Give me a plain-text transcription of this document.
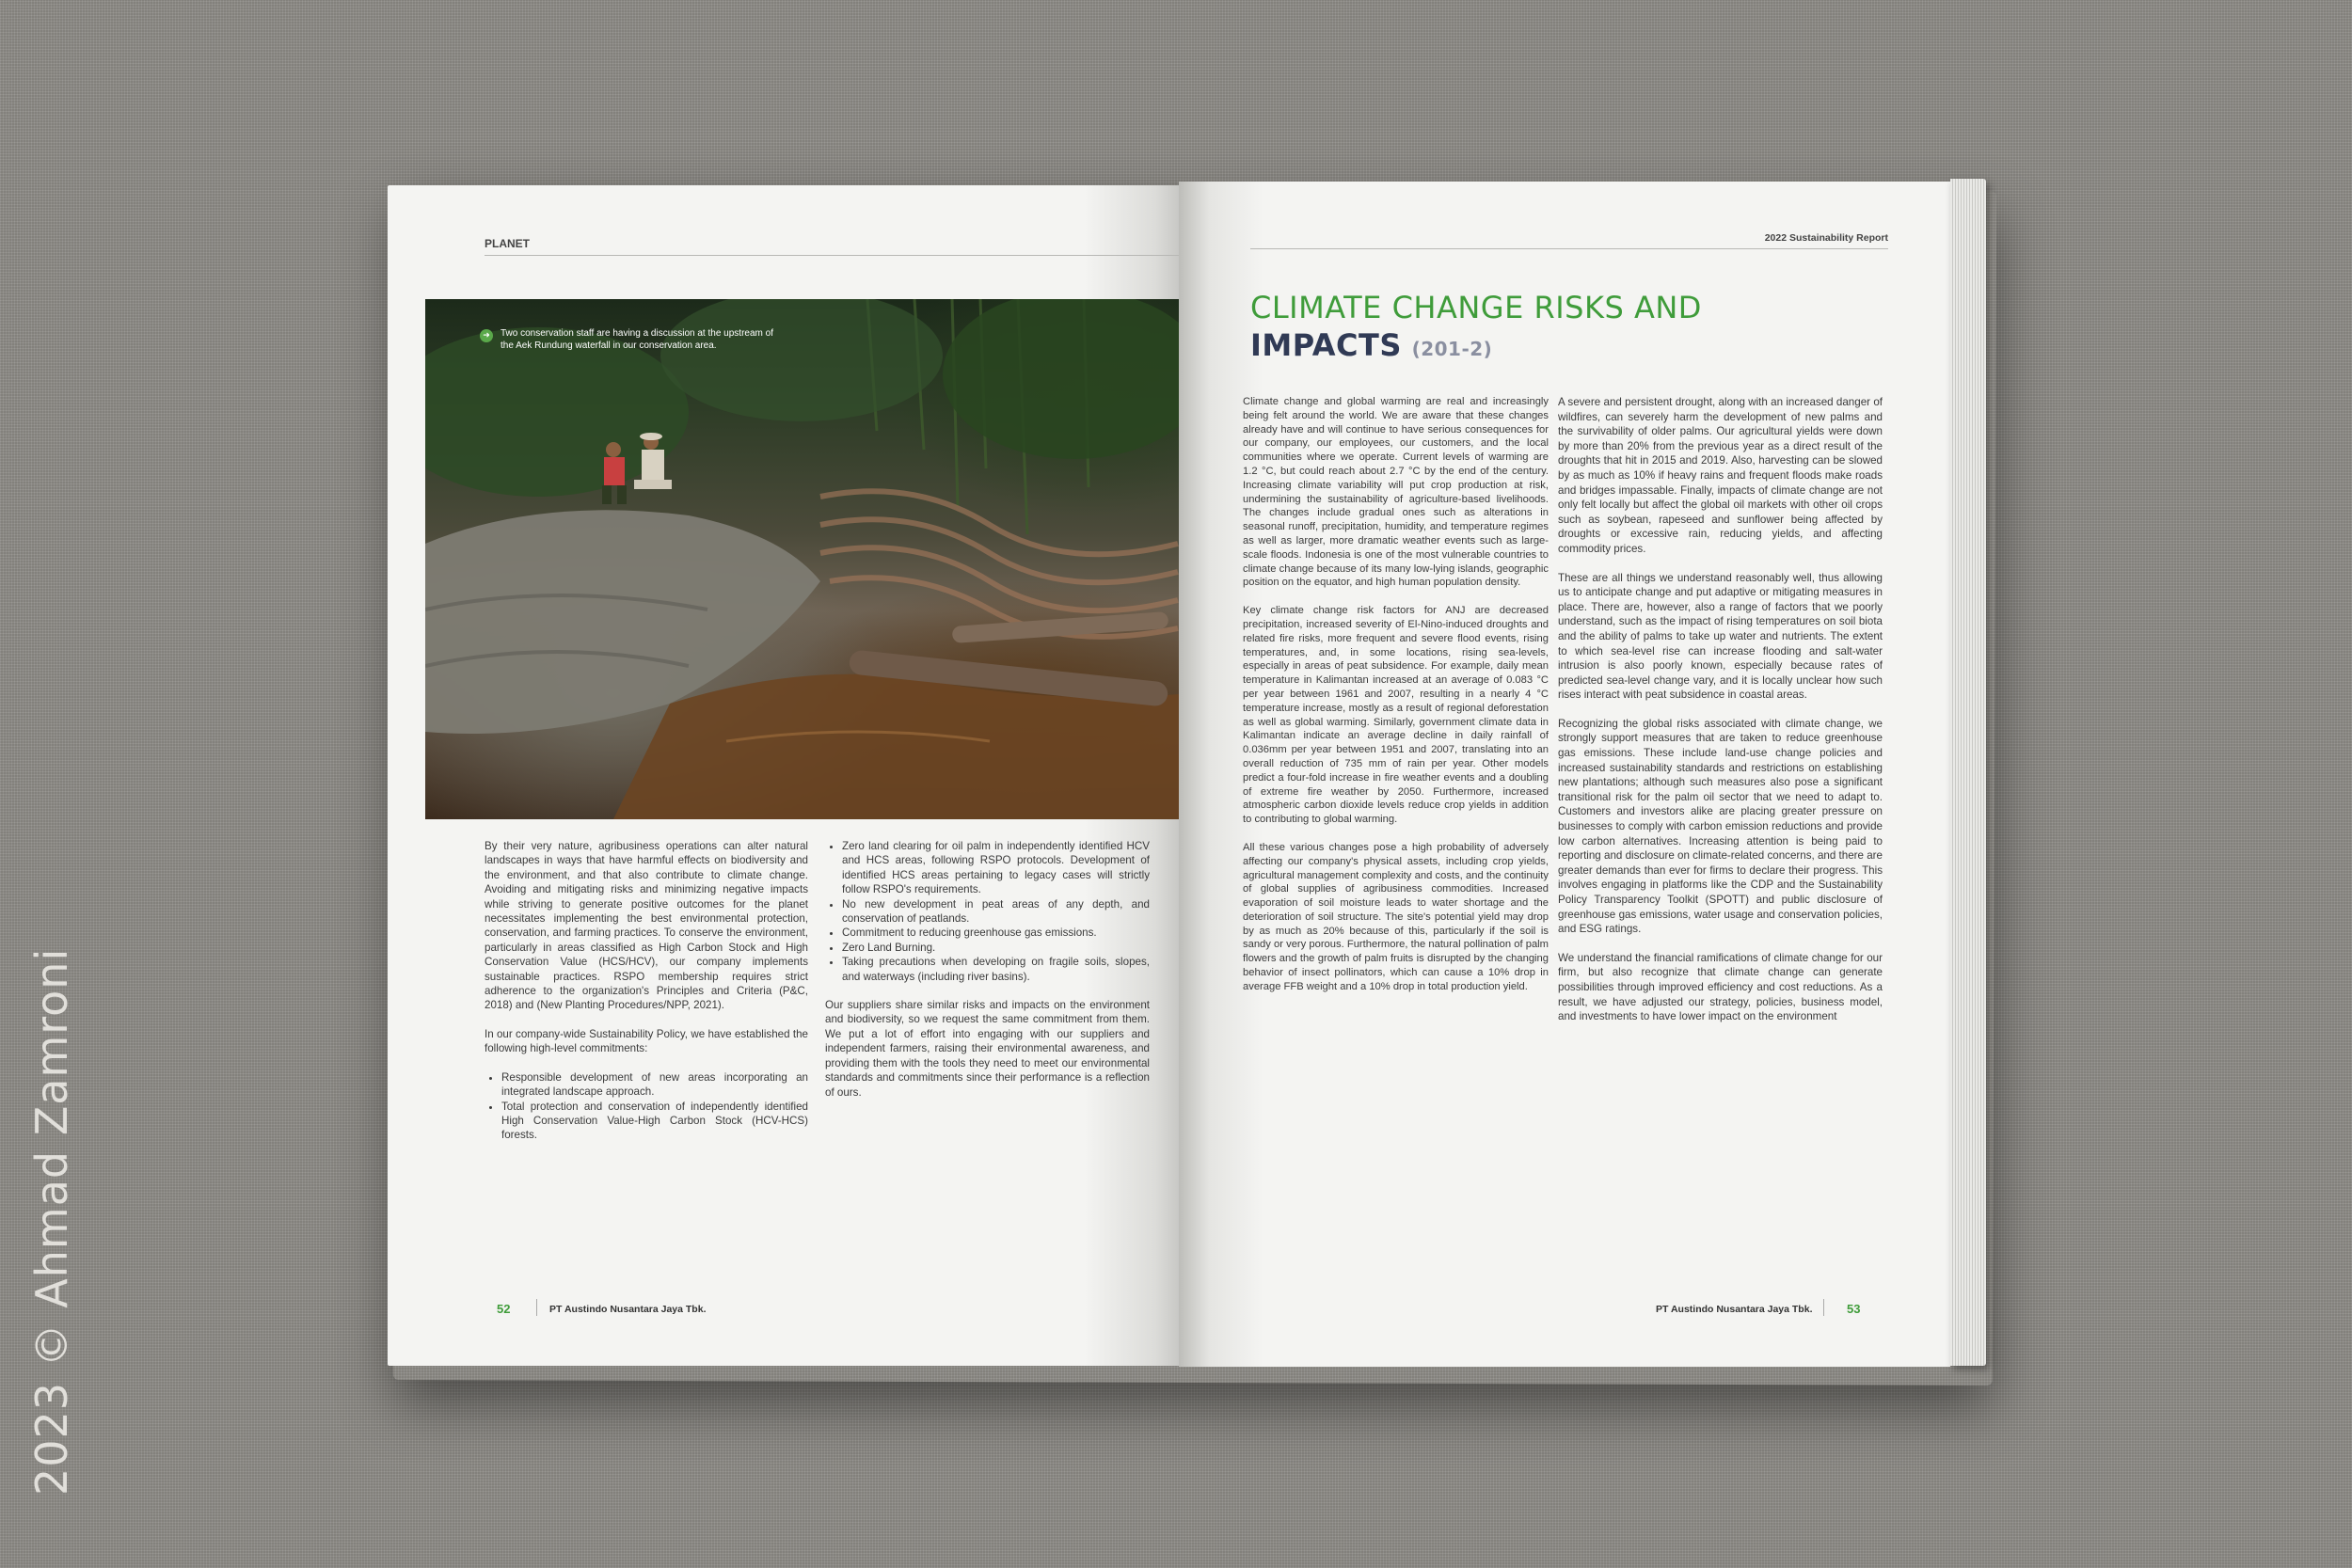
2023 © Ahmad Zamroni
PLANET
➜	Two conservation staff are having a discussion at the upstream of the Aek Rundung waterfall in our conservation area.

By their very nature, agribusiness operations can alter natural landscapes in ways that have harmful effects on biodiversity and the environment, and that also contribute to climate change. Avoiding and mitigating risks and minimizing negative impacts while striving to generate positive outcomes for the planet necessitates implementing the best environmental protection, conservation, and farming practices. To conserve the environment, particularly in areas classified as High Carbon Stock and High Conservation Value (HCS/HCV), our company implements sustainable practices. RSPO membership requires strict adherence to the organization's Principles and Criteria (P&C, 2018) and (New Planting Procedures/NPP, 2021).

In our company-wide Sustainability Policy, we have established the following high-level commitments:

• Responsible development of new areas incorporating an integrated landscape approach.
• Total protection and conservation of independently identified High Conservation Value-High Carbon Stock (HCV-HCS) forests.
• Zero land clearing for oil palm in independently identified HCV and HCS areas, following RSPO protocols. Development of identified HCS areas pertaining to legacy cases will strictly follow RSPO's requirements.
• No new development in peat areas of any depth, and conservation of peatlands.
• Commitment to reducing greenhouse gas emissions.
• Zero Land Burning.
• Taking precautions when developing on fragile soils, slopes, and waterways (including river basins).

Our suppliers share similar risks and impacts on the environment and biodiversity, so we request the same commitment from them. We put a lot of effort into engaging with our suppliers and independent farmers, raising their environmental awareness, and providing them with the tools they need to meet our environmental standards and commitments since their performance is a reflection of ours.

52	PT Austindo Nusantara Jaya Tbk.
2022 Sustainability Report
CLIMATE CHANGE RISKS AND
IMPACTS (201-2)

Climate change and global warming are real and increasingly being felt around the world. We are aware that these changes already have and will continue to have serious consequences for our company, our employees, our customers, and the local communities where we operate. Current levels of warming are 1.2 °C, but could reach about 2.7 °C by the end of the century. Increasing climate variability will put crop production at risk, undermining the sustainability of agriculture-based livelihoods. The changes include gradual ones such as alterations in seasonal runoff, precipitation, humidity, and temperature regimes as well as larger, more dramatic weather events such as large-scale floods. Indonesia is one of the most vulnerable countries to climate change because of its many low-lying islands, geographic position on the equator, and high human population density.

Key climate change risk factors for ANJ are decreased precipitation, increased severity of El-Nino-induced droughts and related fire risks, more frequent and severe flood events, rising temperatures, and, in some locations, rising sea-levels, especially in areas of peat subsidence. For example, daily mean temperature in Kalimantan increased at an average of 0.083 °C per year between 1961 and 2007, resulting in a nearly 4 °C temperature increase, mostly as a result of regional deforestation as well as global warming. Similarly, government climate data in Kalimantan indicate an average decline in daily rainfall of 0.036mm per year between 1951 and 2007, translating into an overall reduction of 735 mm of rain per year. Other models predict a four-fold increase in fire weather events and a doubling of extreme fire weather by 2050. Furthermore, increased atmospheric carbon dioxide levels reduce crop yields in addition to contributing to global warming.

All these various changes pose a high probability of adversely affecting our company's physical assets, including crop yields, agricultural management complexity and costs, and the continuity of global supplies of agribusiness commodities. Increased evaporation of soil moisture leads to water shortage and the deterioration of soil structure. The site's potential yield may drop by as much as 20% because of this, particularly if the soil is sandy or very porous. Furthermore, the natural pollination of palm flowers and the growth of palm fruits is disrupted by the changing behavior of insect pollinators, which can cause a 10% drop in average FFB weight and a 10% drop in total production yield.

A severe and persistent drought, along with an increased danger of wildfires, can severely harm the development of new palms and the survivability of older palms. Our agricultural yields were down by more than 20% from the previous year as a direct result of the droughts that hit in 2015 and 2019. Also, harvesting can be slowed by as much as 10% if heavy rains and frequent floods make roads and bridges impassable. Finally, impacts of climate change are not only felt locally but affect the global oil markets with other oil crops such as soybean, rapeseed and sunflower being affected by droughts or excessive rain, reducing yields, and affecting commodity prices.

These are all things we understand reasonably well, thus allowing us to anticipate change and put adaptive or mitigating measures in place. There are, however, also a range of factors that we poorly understand, such as the impact of rising temperatures on soil biota and the ability of palms to take up water and nutrients. The extent to which sea-level rise can increase flooding and salt-water intrusion is also poorly known, especially because rates of predicted sea-level change vary, and it is locally unclear how such rises interact with peat subsidence in coastal areas.

Recognizing the global risks associated with climate change, we strongly support measures that are taken to reduce greenhouse gas emissions. These include land-use change policies and increased sustainability standards and restrictions on establishing new plantations; although such measures also pose a significant transitional risk for the palm oil sector that we need to adapt to. Customers and investors alike are placing greater pressure on businesses to comply with carbon emission reductions and provide low carbon alternatives. Increasing attention is being paid to reporting and disclosure on climate-related concerns, and there are greater demands than ever for firms to declare their progress. This involves engaging in platforms like the CDP and the Sustainability Policy Transparency Toolkit (SPOTT) and public disclosure of greenhouse gas emissions, water usage and conservation policies, and ESG ratings.

We understand the financial ramifications of climate change for our firm, but also recognize that climate change can generate possibilities through improved efficiency and cost reductions. As a result, we have adjusted our strategy, policies, business model, and investments to have lower impact on the environment

PT Austindo Nusantara Jaya Tbk.	53
